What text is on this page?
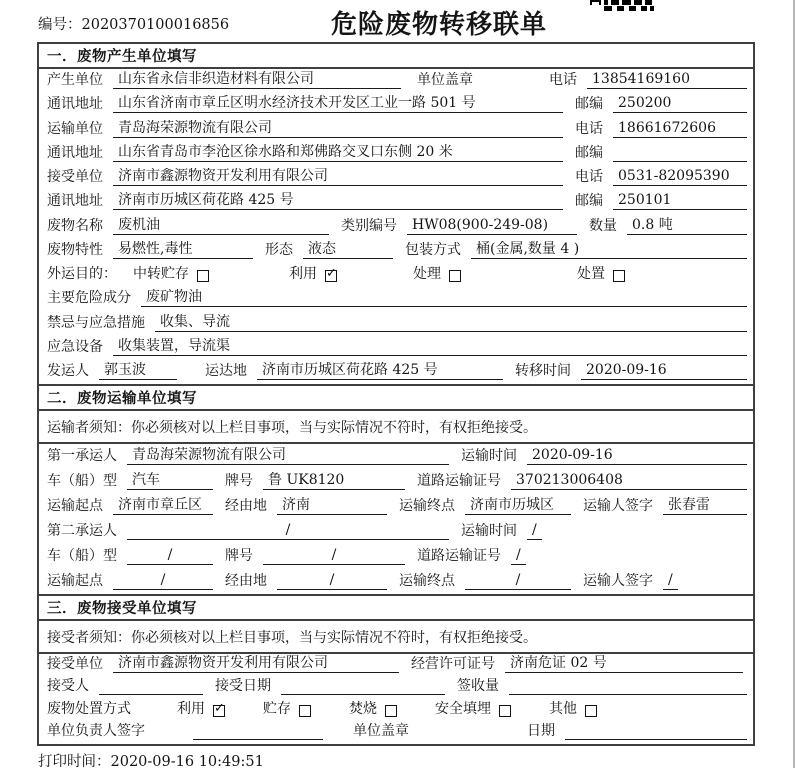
编号：2020370100016856	危险废物转移联单
一．废物产生单位填写
产生单位	山东省永信非织造材料有限公司	单位盖章	电话	13854169160
通讯地址	山东省济南市章丘区明水经济技术开发区工业一路 501 号	邮编	250200
运输单位	青岛海荣源物流有限公司	电话	18661672606
通讯地址	山东省青岛市李沧区徐水路和郑佛路交叉口东侧 20 米	邮编
接受单位	济南市鑫源物资开发利用有限公司	电话	0531-82095390
通讯地址	济南市历城区荷花路 425 号	邮编	250101
废物名称	废机油	类别编号	HW08(900-249-08)	数量	0.8 吨
废物特性	易燃性,毒性	形态	液态	包装方式	桶(金属,数量 4 )
外运目的： 中转贮存	利用 ✓	处理	处置
主要危险成分	废矿物油
禁忌与应急措施	收集、导流
应急设备	收集装置，导流渠
发运人	郭玉波	运达地	济南市历城区荷花路 425 号	转移时间	2020-09-16
二．废物运输单位填写
运输者须知：你必须核对以上栏目事项，当与实际情况不符时，有权拒绝接受。
第一承运人	青岛海荣源物流有限公司	运输时间	2020-09-16
车（船）型	汽车	牌号	鲁 UK8120	道路运输证号	370213006408
运输起点	济南市章丘区	经由地	济南	运输终点	济南市历城区	运输人签字	张春雷
第二承运人	/	运输时间	/
车（船）型	/	牌号	/	道路运输证号	/
运输起点	/	经由地	/	运输终点	/	运输人签字	/
三．废物接受单位填写
接受者须知：你必须核对以上栏目事项，当与实际情况不符时，有权拒绝接受。
接受单位	济南市鑫源物资开发利用有限公司	经营许可证号	济南危证 02 号
接受人	接受日期	签收量
废物处置方式	利用 ✓	贮存	焚烧	安全填埋	其他
单位负责人签字	单位盖章	日期
打印时间：2020-09-16 10:49:51
